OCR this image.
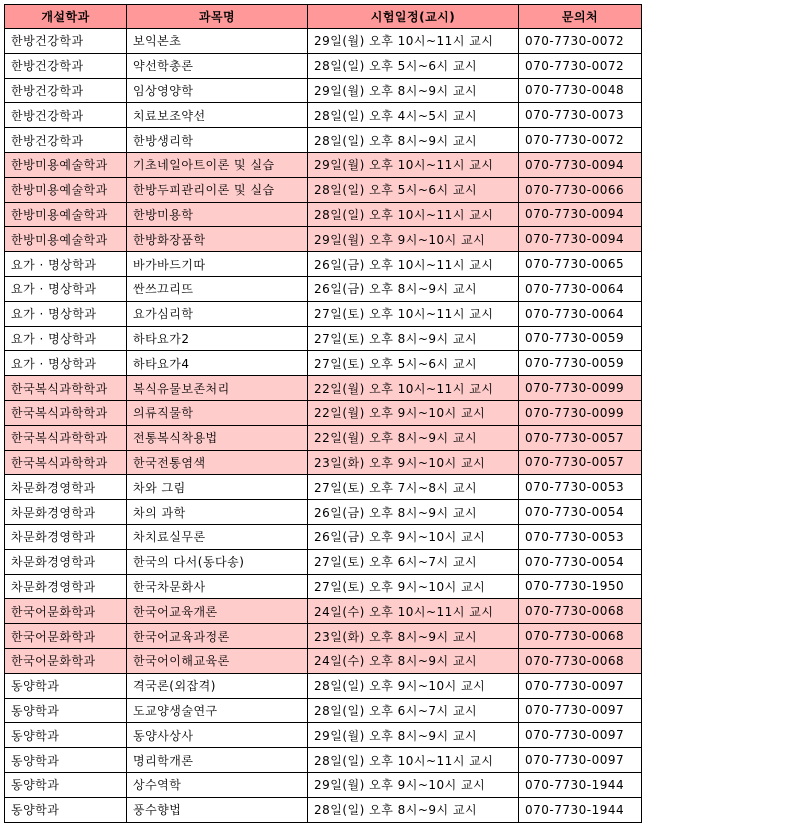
개설학과	과목명	시험일정(교시)	문의처
한방건강학과	보익본초	29일(월) 오후 10시~11시 교시	070-7730-0072
한방건강학과	약선학총론	28일(일) 오후 5시~6시 교시	070-7730-0072
한방건강학과	임상영양학	29일(월) 오후 8시~9시 교시	070-7730-0048
한방건강학과	치료보조약선	28일(일) 오후 4시~5시 교시	070-7730-0073
한방건강학과	한방생리학	28일(일) 오후 8시~9시 교시	070-7730-0072
한방미용예술학과	기초네일아트이론 및 실습	29일(월) 오후 10시~11시 교시	070-7730-0094
한방미용예술학과	한방두피관리이론 및 실습	28일(일) 오후 5시~6시 교시	070-7730-0066
한방미용예술학과	한방미용학	28일(일) 오후 10시~11시 교시	070-7730-0094
한방미용예술학과	한방화장품학	29일(월) 오후 9시~10시 교시	070-7730-0094
요가 · 명상학과	바가바드기따	26일(금) 오후 10시~11시 교시	070-7730-0065
요가 · 명상학과	싼쓰끄리뜨	26일(금) 오후 8시~9시 교시	070-7730-0064
요가 · 명상학과	요가심리학	27일(토) 오후 10시~11시 교시	070-7730-0064
요가 · 명상학과	하타요가2	27일(토) 오후 8시~9시 교시	070-7730-0059
요가 · 명상학과	하타요가4	27일(토) 오후 5시~6시 교시	070-7730-0059
한국복식과학학과	복식유물보존처리	22일(월) 오후 10시~11시 교시	070-7730-0099
한국복식과학학과	의류직물학	22일(월) 오후 9시~10시 교시	070-7730-0099
한국복식과학학과	전통복식착용법	22일(월) 오후 8시~9시 교시	070-7730-0057
한국복식과학학과	한국전통염색	23일(화) 오후 9시~10시 교시	070-7730-0057
차문화경영학과	차와 그림	27일(토) 오후 7시~8시 교시	070-7730-0053
차문화경영학과	차의 과학	26일(금) 오후 8시~9시 교시	070-7730-0054
차문화경영학과	차치료실무론	26일(금) 오후 9시~10시 교시	070-7730-0053
차문화경영학과	한국의 다서(동다송)	27일(토) 오후 6시~7시 교시	070-7730-0054
차문화경영학과	한국차문화사	27일(토) 오후 9시~10시 교시	070-7730-1950
한국어문화학과	한국어교육개론	24일(수) 오후 10시~11시 교시	070-7730-0068
한국어문화학과	한국어교육과정론	23일(화) 오후 8시~9시 교시	070-7730-0068
한국어문화학과	한국어이해교육론	24일(수) 오후 8시~9시 교시	070-7730-0068
동양학과	격국론(외잡격)	28일(일) 오후 9시~10시 교시	070-7730-0097
동양학과	도교양생술연구	28일(일) 오후 6시~7시 교시	070-7730-0097
동양학과	동양사상사	29일(월) 오후 8시~9시 교시	070-7730-0097
동양학과	명리학개론	28일(일) 오후 10시~11시 교시	070-7730-0097
동양학과	상수역학	29일(월) 오후 9시~10시 교시	070-7730-1944
동양학과	풍수향법	28일(일) 오후 8시~9시 교시	070-7730-1944
